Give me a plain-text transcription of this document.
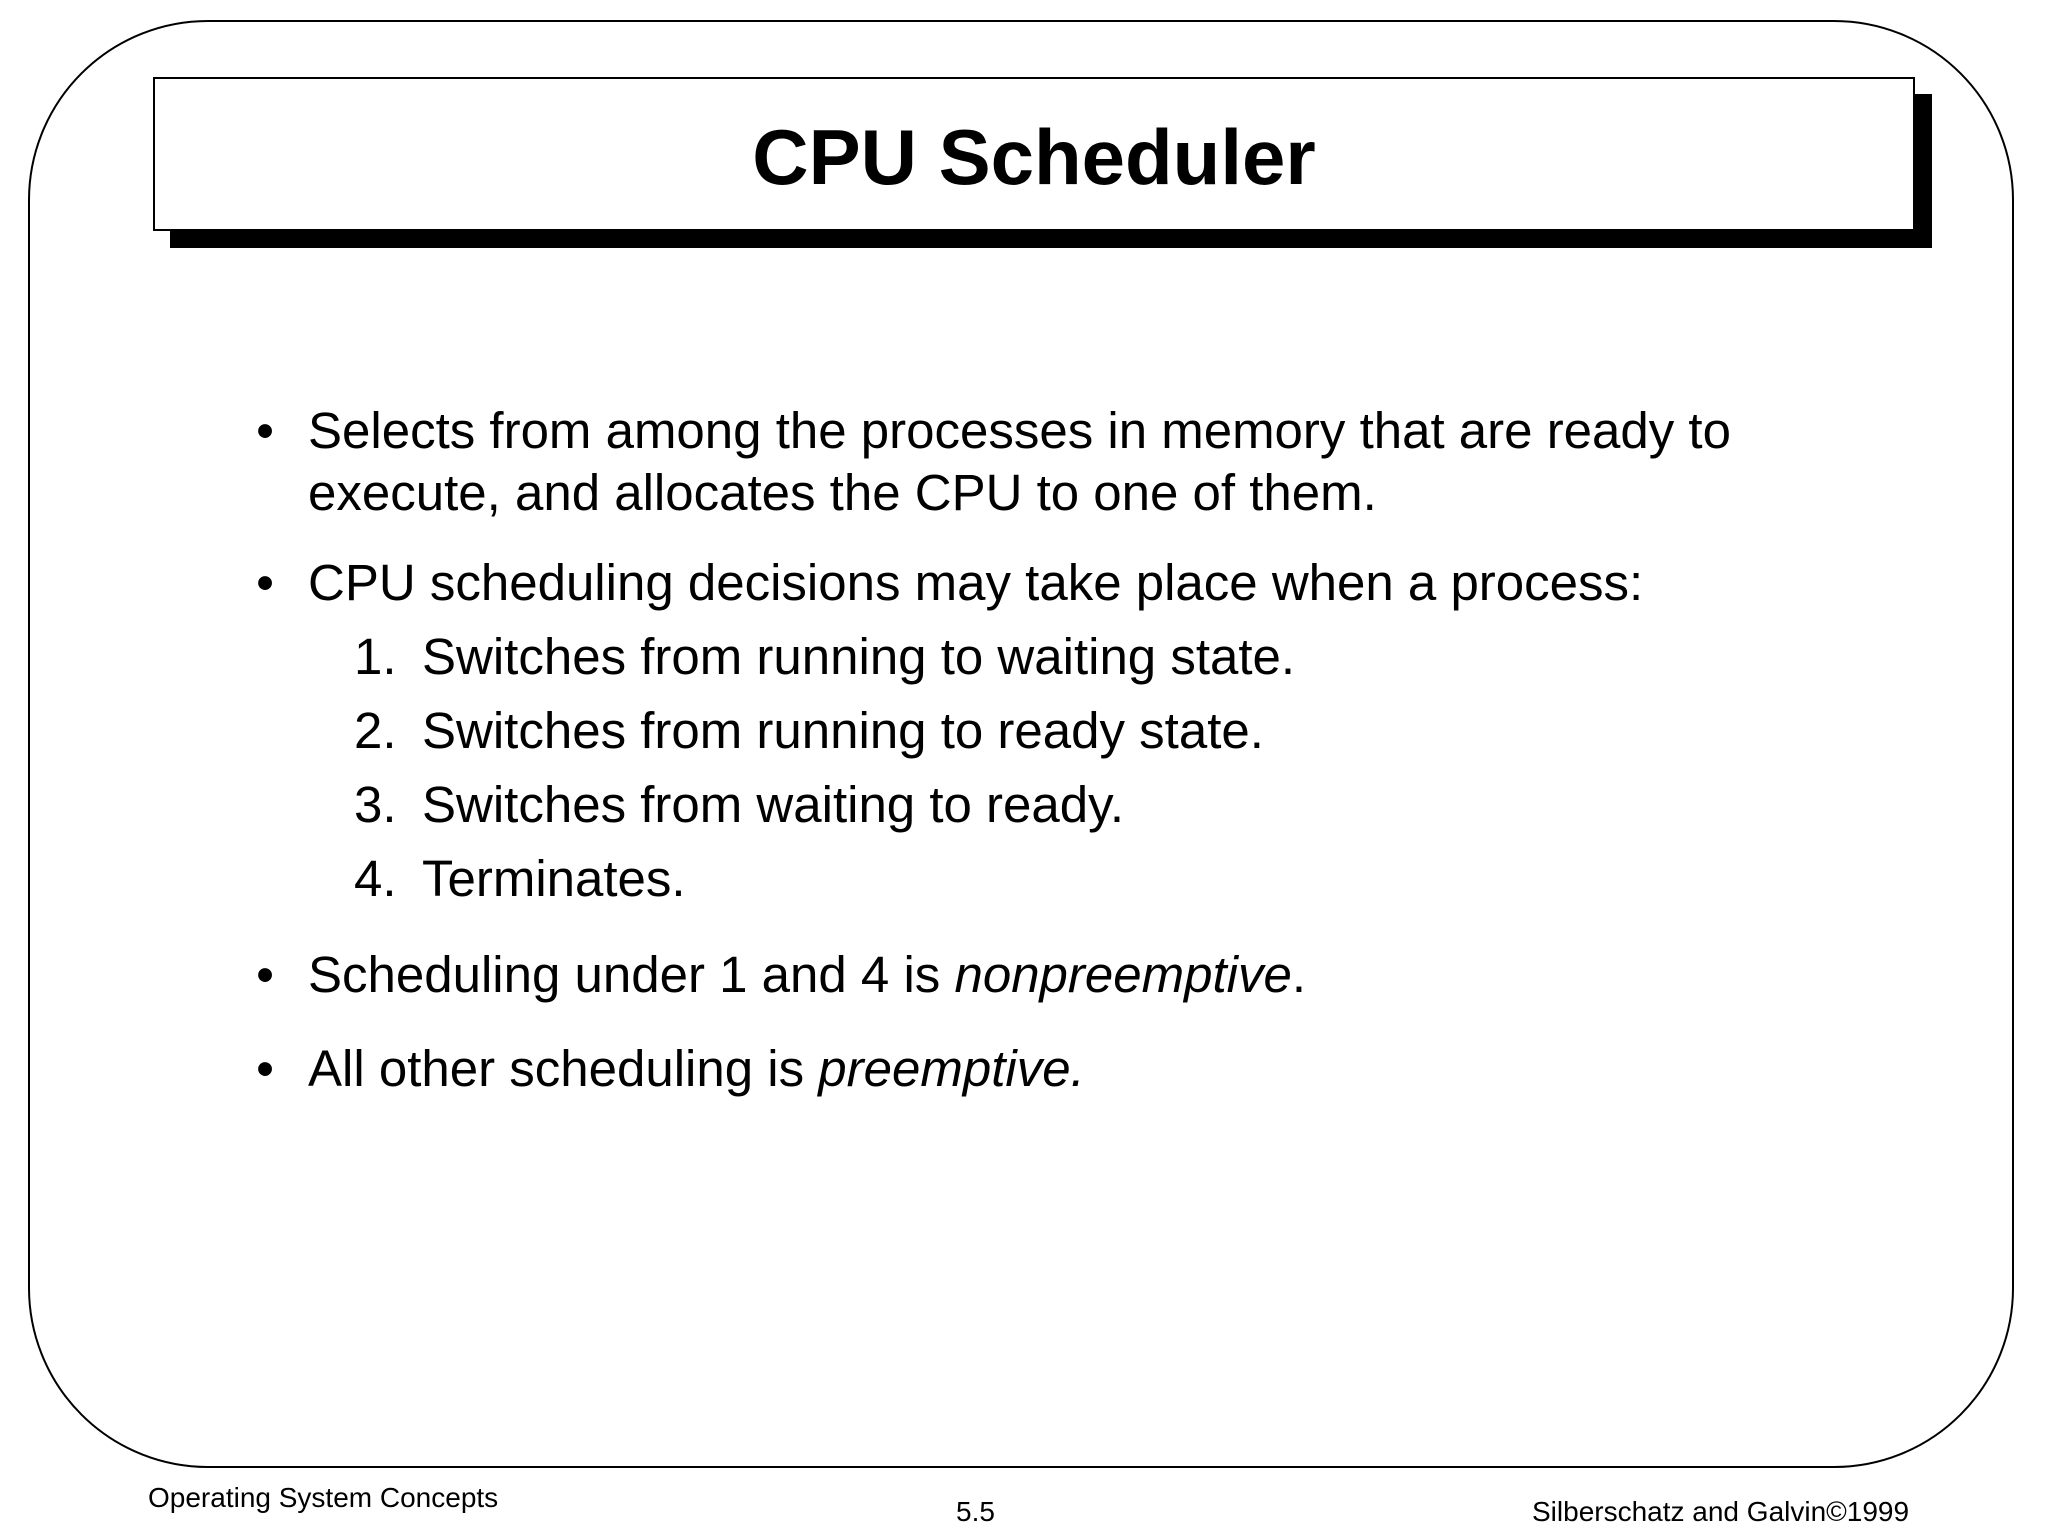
CPU Scheduler
• Selects from among the processes in memory that are ready to execute, and allocates the CPU to one of them.
• CPU scheduling decisions may take place when a process:
1. Switches from running to waiting state.
2. Switches from running to ready state.
3. Switches from waiting to ready.
4. Terminates.
• Scheduling under 1 and 4 is nonpreemptive.
• All other scheduling is preemptive.
Operating System Concepts	5.5	Silberschatz and Galvin©1999
